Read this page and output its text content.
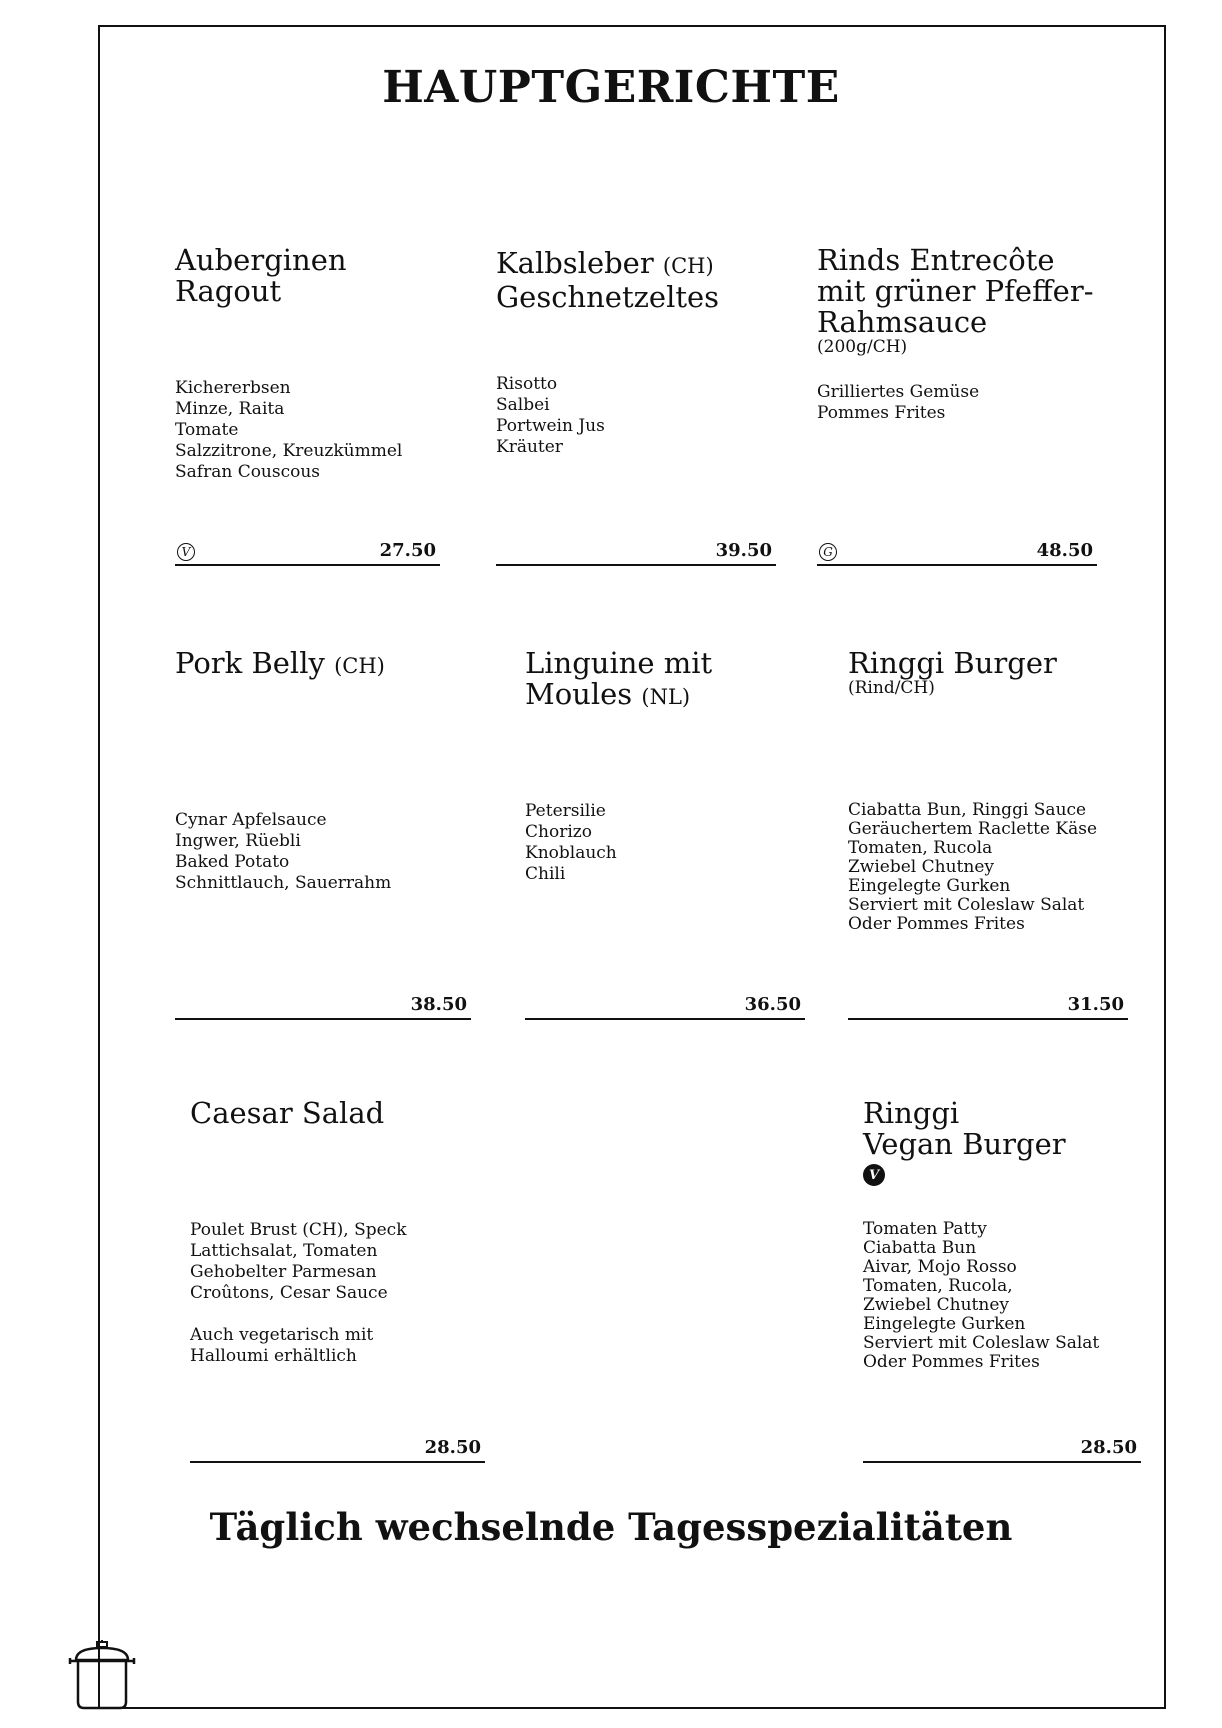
HAUPTGERICHTE
Auberginen
Ragout
Kichererbsen
Minze, Raita
Tomate
Salzzitrone, Kreuzkümmel
Safran Couscous
V	27.50
Kalbsleber (CH)
Geschnetzeltes
Risotto
Salbei
Portwein Jus
Kräuter
39.50
Rinds Entrecôte
mit grüner Pfeffer-
Rahmsauce
(200g/CH)
Grilliertes Gemüse
Pommes Frites
G	48.50
Pork Belly (CH)
Cynar Apfelsauce
Ingwer, Rüebli
Baked Potato
Schnittlauch, Sauerrahm
38.50
Linguine mit
Moules (NL)
Petersilie
Chorizo
Knoblauch
Chili
36.50
Ringgi Burger
(Rind/CH)
Ciabatta Bun, Ringgi Sauce
Geräuchertem Raclette Käse
Tomaten, Rucola
Zwiebel Chutney
Eingelegte Gurken
Serviert mit Coleslaw Salat
Oder Pommes Frites
31.50
Caesar Salad
Poulet Brust (CH), Speck
Lattichsalat, Tomaten
Gehobelter Parmesan
Croûtons, Cesar Sauce

Auch vegetarisch mit
Halloumi erhältlich
28.50
Ringgi
Vegan Burger
V
Tomaten Patty
Ciabatta Bun
Aivar, Mojo Rosso
Tomaten, Rucola,
Zwiebel Chutney
Eingelegte Gurken
Serviert mit Coleslaw Salat
Oder Pommes Frites
28.50
Täglich wechselnde Tagesspezialitäten
